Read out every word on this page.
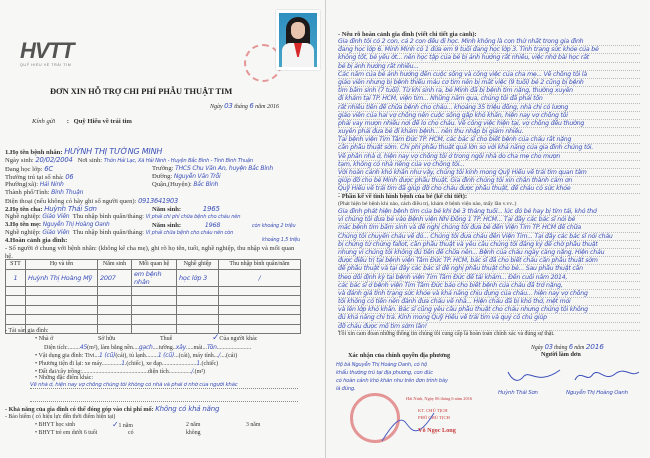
HVTT
QUỸ HIỂU VỀ TRÁI TIM
ĐƠN XIN HỖ TRỢ CHI PHÍ PHẪU THUẬT TIM
Ngày 03 tháng 6 năm 2016
Kính gửi : Quỹ Hiểu về trái tim
1.Họ tên bệnh nhân: HUỲNH THỊ TƯỜNG MINH
Ngày sinh: 20/02/2004 Nơi sinh: Thôn Hải Lạc, Xã Hải Ninh - Huyện Bắc Bình - Tỉnh Bình Thuận
Đang học lớp: 6C	Trường: THCS Chu Văn An, huyện Bắc Bình
Thường trú tại số nhà: 06	Đường: Nguyễn Văn Trỗi
Phường(xã): Hải Ninh	Quận,(Huyện): Bắc Bình
Thành phố/Tỉnh: Bình Thuận
Điện thoại (nếu không có hãy ghi số người quen): 0913641903
2.Họ tên cha: Huỳnh Thái Sơn	Năm sinh:	1965
Nghề nghiệp: Giáo Viên Thu nhập bình quân/tháng: Vì phải chi phí chữa bệnh cho cháu nên
3.Họ tên mẹ: Nguyễn Thị Hoàng Oanh	Năm sinh:	1968	còn khoảng 2 triệu
Nghề nghiệp: Giáo Viên Thu nhập bình quân/tháng: Vì phải chữa bệnh cho cháu nên còn
khoảng 1,5 triệu
4.Hoàn cảnh gia đình:
- Số người ở chung với bệnh nhân: (không kể cha mẹ), ghi rõ họ tên, tuổi, nghề nghiệp, thu nhập và mối quan hệ.
STT	Họ và tên	Năm sinh	Mối quan hệ	Nghề ghiệp	Thu nhập bình quân/năm
1	Huỳnh Thị Hoàng Mỹ	2007	em bệnh nhân	học lớp 3	/

- Tài sản gia đình:
• Nhà ở	Sở hữu	Thuê	✓Của người khác
Diện tích:........45(m²), làm bằng nền....gạch....tường..xây.....mái...Tôn.......................
• Vật dụng gia đình: Tivi...1 (cũ)(cái), tủ lạnh........1 (cũ)...(cái), máy tính.../....(cái)
• Phương tiện đi lại: xe máy.............1.(chiếc), xe đạp.......................1.(chiếc)
• Đất đai/cây trồng:............................................diện tích.............../.(m²)
• Những đặc điểm khác:
Về nhà ở, hiện nay vợ chồng chúng tôi không có nhà và phải ở nhờ của người khác
- Khả năng của gia đình có thể đóng góp vào chi phí mổ: Không có khả năng
- Bảo hiểm ( có hiệu lực đến thời điểm hiện tại)
• BHYT học sinh	✓1 năm	2 năm	3 năm
• BHYT trẻ em dưới 6 tuổi	có	không
- Nêu rõ hoàn cảnh gia đình (viết chi tiết gia cảnh):
Gia đình tôi có 2 con, cả 2 con đều đi học. Minh không là con thứ nhất trong gia đình
đang học lớp 6. Minh Minh có 1 đứa em 9 tuổi đang học lớp 3. Tình trạng sức khỏe của bé
không tốt, bé yếu ớt... nên học tập của bé bị ảnh hưởng rất nhiều, việc nhớ bài học rất
bé bị ảnh hưởng rất nhiều...
Các năm của bé ảnh hưởng đến cuộc sống và công việc của cha mẹ... Về chồng tôi là
giáo viên nhưng bị bệnh thiểu máu cơ tim nên bị mất việc (9 tuổi) bé 2 cũng bị bệnh
tim bẩm sinh (7 tuổi). Từ khi sinh ra, bé Minh đã bị bệnh tim nặng, thường xuyên
đi khám tại TP. HCM, viện tim... Những năm qua, chúng tôi đã phải tốn
rất nhiều tiền để chữa bệnh cho cháu... khoảng 35 triệu đồng, nhà chỉ có lương
giáo viên của hai vợ chồng nên cuộc sống gặp khó khăn, hiện nay vợ chồng tôi
phải vay mượn nhiều nơi để lo cho cháu. Về công việc hiện tại, vợ chồng đều thường
xuyên phải đưa bé đi khám bệnh... nên thu nhập bị giảm nhiều.
Tại bệnh viện Tim Tâm Đức TP. HCM, các bác sĩ cho biết bệnh của cháu rất nặng
cần phẫu thuật sớm. Chi phí phẫu thuật quá lớn so với khả năng của gia đình chúng tôi.
Về phần nhà ở, hiện nay vợ chồng tôi ở trong ngôi nhà do cha mẹ cho mượn
tạm, không có nhà riêng của vợ chồng tôi...
Với hoàn cảnh khó khăn như vậy, chúng tôi kính mong Quỹ Hiểu về trái tim quan tâm
giúp đỡ cho bé Minh được phẫu thuật. Gia đình chúng tôi xin chân thành cảm ơn
Quỹ Hiểu về trái tim đã giúp đỡ cho cháu được phẫu thuật, để cháu có sức khỏe
- Phần kể về tình hình bệnh của bé (kể chi tiết):
(Phát hiện bé bệnh khi nào, cách điều trị, khám ở bệnh viện nào, mấy lần v.vv..)
Gia đình phát hiện bệnh tim của bé khi bé 3 tháng tuổi... lúc đó bé hay bị tím tái, khó thở
vì chúng tôi đưa bé vào Bệnh viện Nhi Đồng 1 TP. HCM... Tại đây các bác sĩ nói bé
mắc bệnh tim bẩm sinh và đề nghị chúng tôi đưa bé đến Viện Tim TP. HCM để chữa
Chúng tôi chuyển cháu về đó... Chúng tôi đưa cháu đến Viện Tim... Tại đây các bác sĩ nói cháu
bị chứng tứ chứng fallot, cần phẫu thuật và yêu cầu chúng tôi đăng ký để chờ phẫu thuật
nhưng vì chúng tôi không đủ tiền để chữa nên... Bệnh của cháu ngày càng nặng. Hiện cháu
được điều trị tại bệnh viện Tâm Đức TP. HCM, bác sĩ đã cho biết cháu cần phẫu thuật sớm
để phẫu thuật và tại đây các bác sĩ đề nghị phẫu thuật cho bé... Sau phẫu thuật cần
theo dõi định kỳ tại bệnh viện Tim Tâm Đức để tái khám... Đến cuối năm 2014,
các bác sĩ ở bệnh viện Tim Tâm Đức báo cho biết bệnh của cháu đã trở nặng,
và đánh giá tình trạng sức khỏe và khả năng chịu đựng của cháu... hiện nay vợ chồng
tôi không có tiền nên đành đưa cháu về nhà... Hiện cháu đã bị khó thở, mệt mỏi
và lên lớp khó khăn. Bác sĩ cũng yêu cầu phẫu thuật cho cháu nhưng chúng tôi không
đủ khả năng chi trả. Kính mong Quỹ Hiểu về trái tim và quý cô chú giúp
đỡ cháu được mổ tim sớm lần!
Tôi xin cam đoan những thông tin chúng tôi cung cấp là hoàn toàn chính xác và đúng sự thật.
Ngày 03 tháng 6 năm 2016
Xác nhận của chính quyền địa phương	Người làm đơn
Hộ bà Nguyễn Thị Hoàng Oanh, có hộ
khẩu thường trú tại địa phương, con đúc
có hoàn cảnh khó khăn như trên đơn trình bày
là đúng.
Hải Ninh, Ngày 06 tháng 6 năm 2016
KT. CHỦ TỊCH
PHÓ CHỦ TỊCH
Võ Ngọc Long
Huỳnh Thái Sơn	Nguyễn Thị Hoàng Oanh
